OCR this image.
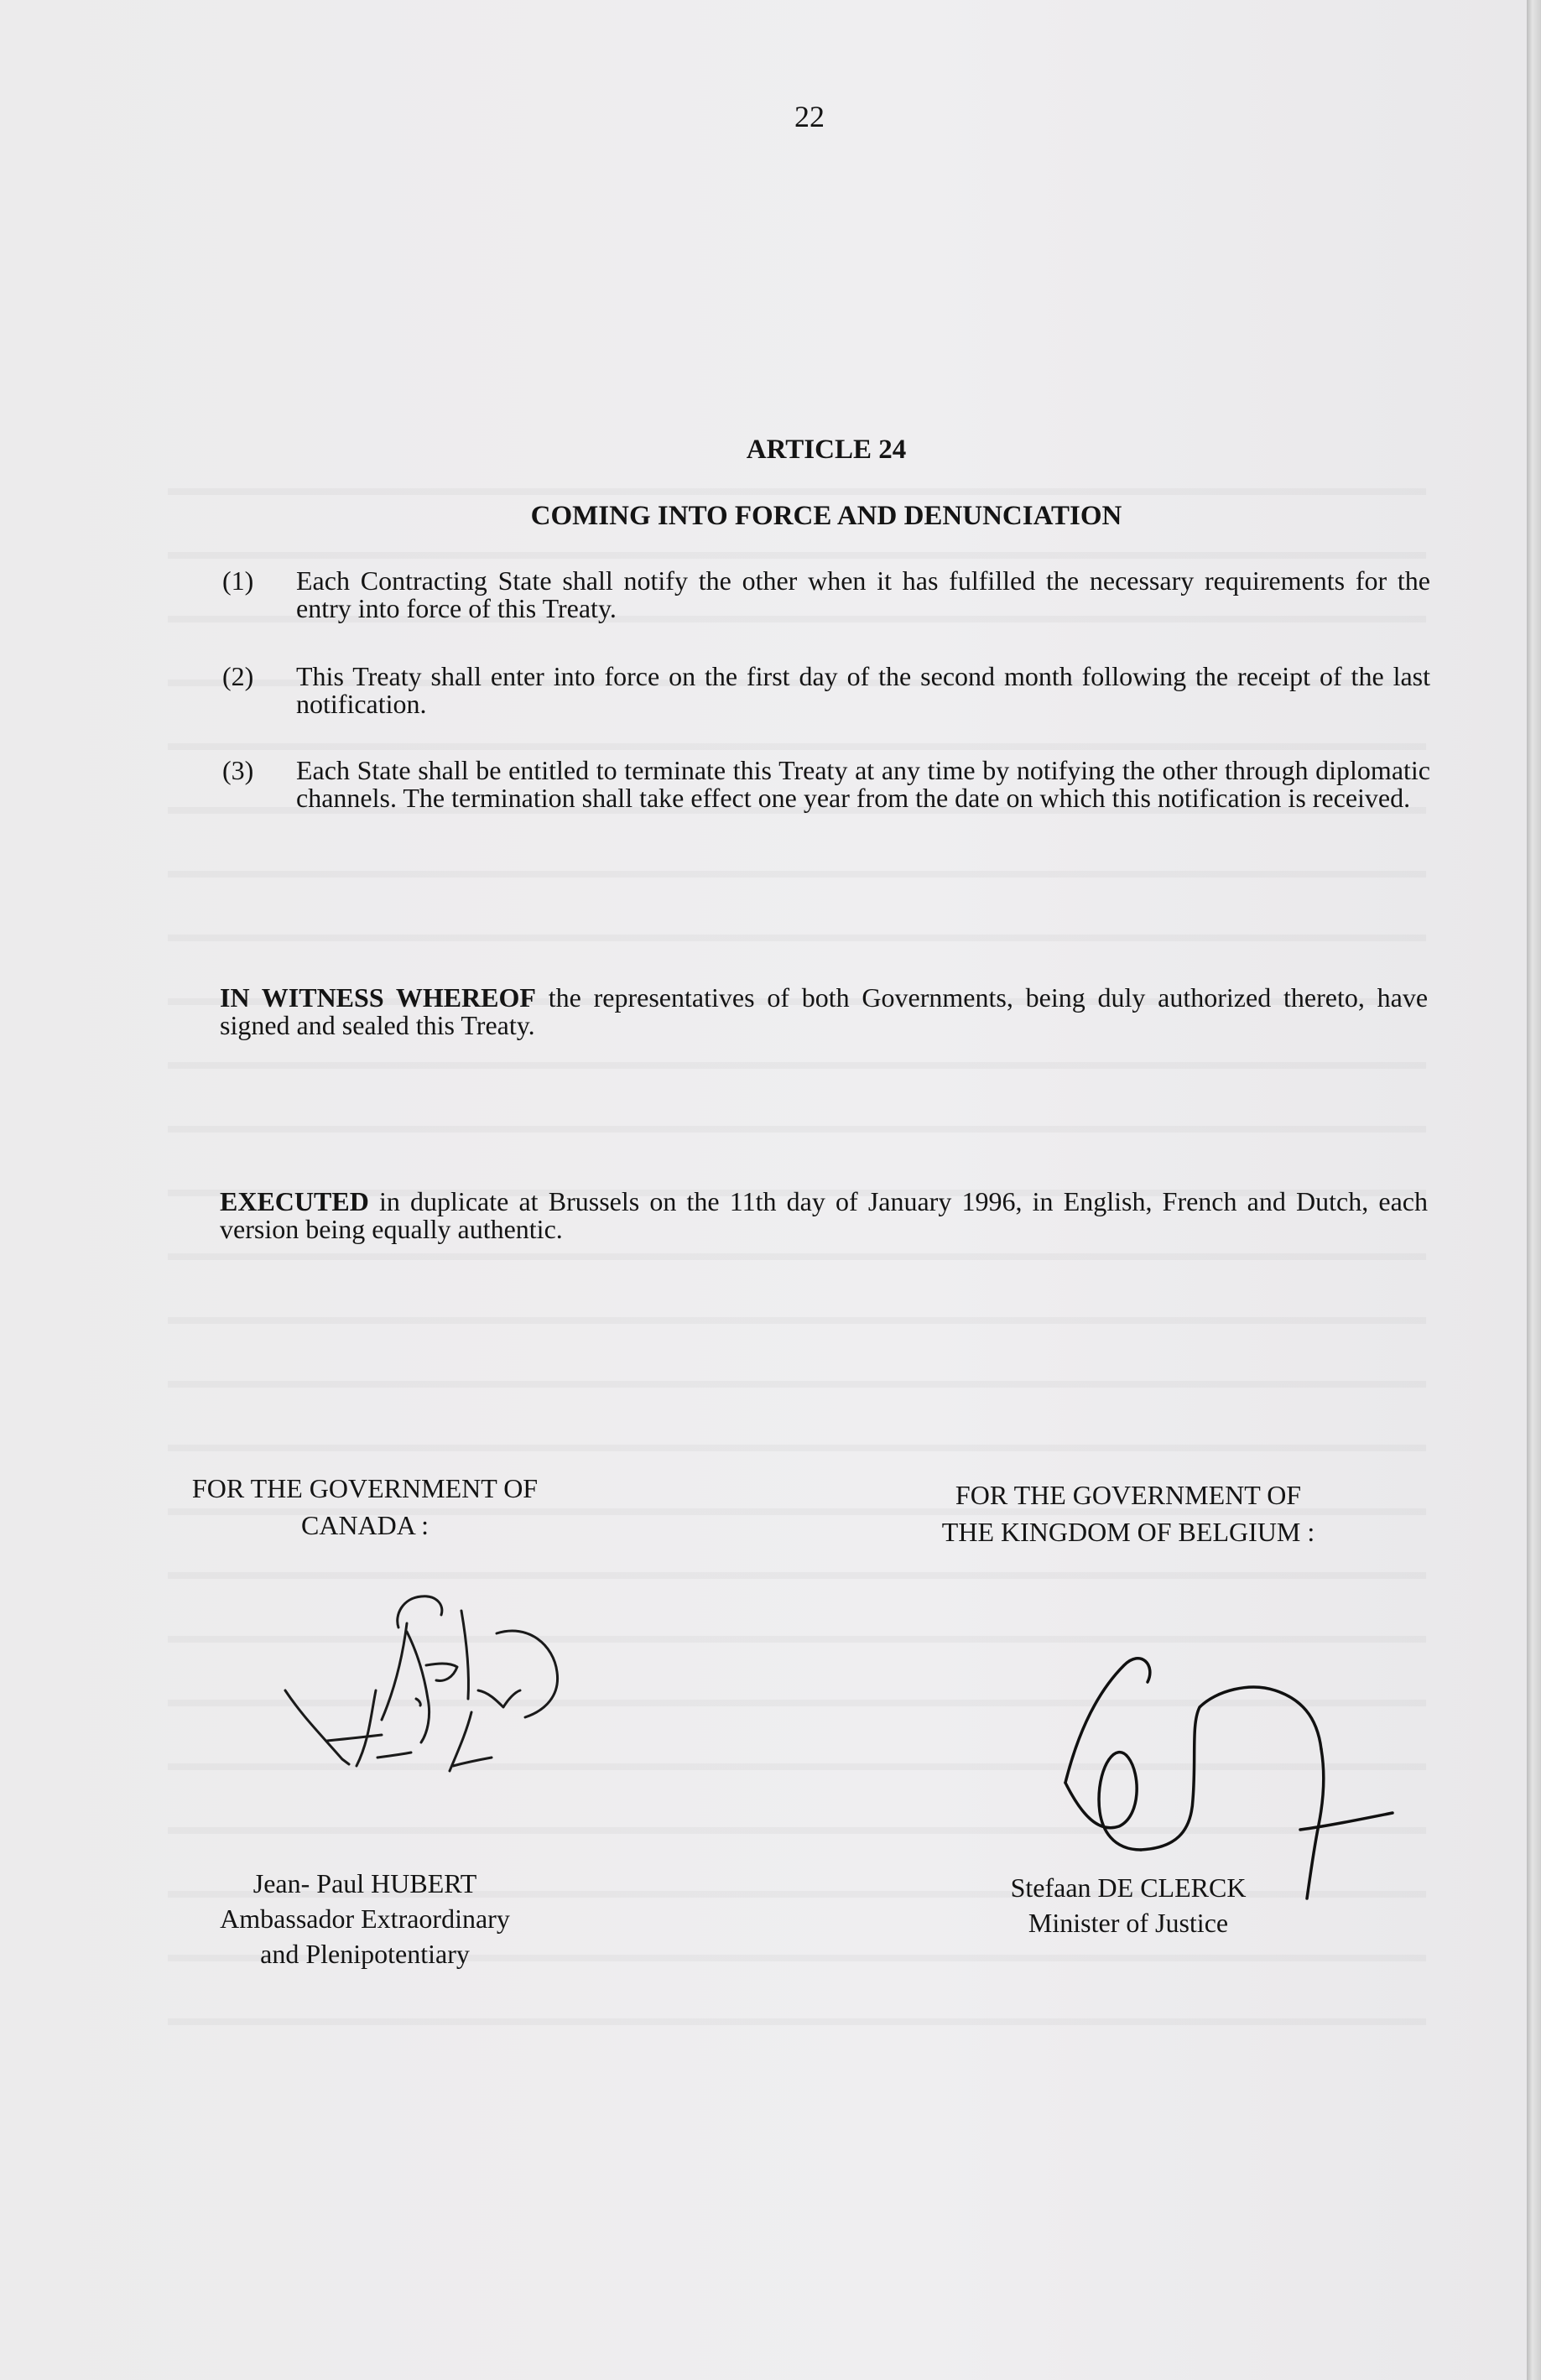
22
ARTICLE 24
COMING INTO FORCE AND DENUNCIATION
(1) Each Contracting State shall notify the other when it has fulfilled the necessary requirements for the entry into force of this Treaty.
(2) This Treaty shall enter into force on the first day of the second month following the receipt of the last notification.
(3) Each State shall be entitled to terminate this Treaty at any time by notifying the other through diplomatic channels. The termination shall take effect one year from the date on which this notification is received.
IN WITNESS WHEREOF the representatives of both Governments, being duly authorized thereto, have signed and sealed this Treaty.
EXECUTED in duplicate at Brussels on the 11th day of January 1996, in English, French and Dutch, each version being equally authentic.
FOR THE GOVERNMENT OF
CANADA :
FOR THE GOVERNMENT OF
THE KINGDOM OF BELGIUM :
Jean- Paul HUBERT
Ambassador Extraordinary
and Plenipotentiary
Stefaan DE CLERCK
Minister of Justice
